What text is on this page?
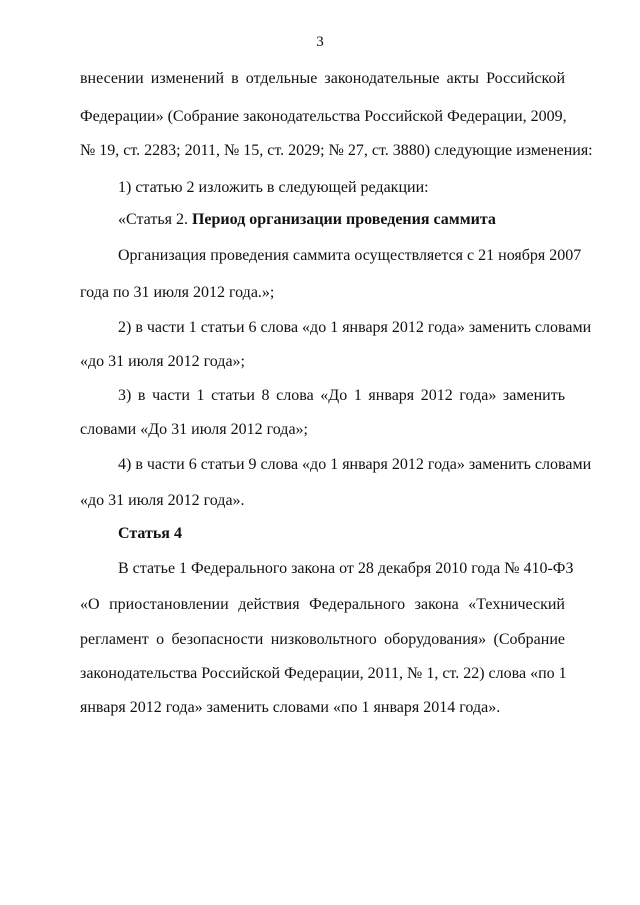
3
внесении изменений в отдельные законодательные акты Российской
Федерации» (Собрание законодательства Российской Федерации, 2009,
№ 19, ст. 2283; 2011, № 15, ст. 2029; № 27, ст. 3880) следующие изменения:
1) статью 2 изложить в следующей редакции:
«Статья 2. Период организации проведения саммита
Организация проведения саммита осуществляется с 21 ноября 2007
года по 31 июля 2012 года.»;
2) в части 1 статьи 6 слова «до 1 января 2012 года» заменить словами
«до 31 июля 2012 года»;
3) в части 1 статьи 8 слова «До 1 января 2012 года» заменить
словами «До 31 июля 2012 года»;
4) в части 6 статьи 9 слова «до 1 января 2012 года» заменить словами
«до 31 июля 2012 года».
Статья 4
В статье 1 Федерального закона от 28 декабря 2010 года № 410-ФЗ
«О приостановлении действия Федерального закона «Технический
регламент о безопасности низковольтного оборудования» (Собрание
законодательства Российской Федерации, 2011, № 1, ст. 22) слова «по 1
января 2012 года» заменить словами «по 1 января 2014 года».
